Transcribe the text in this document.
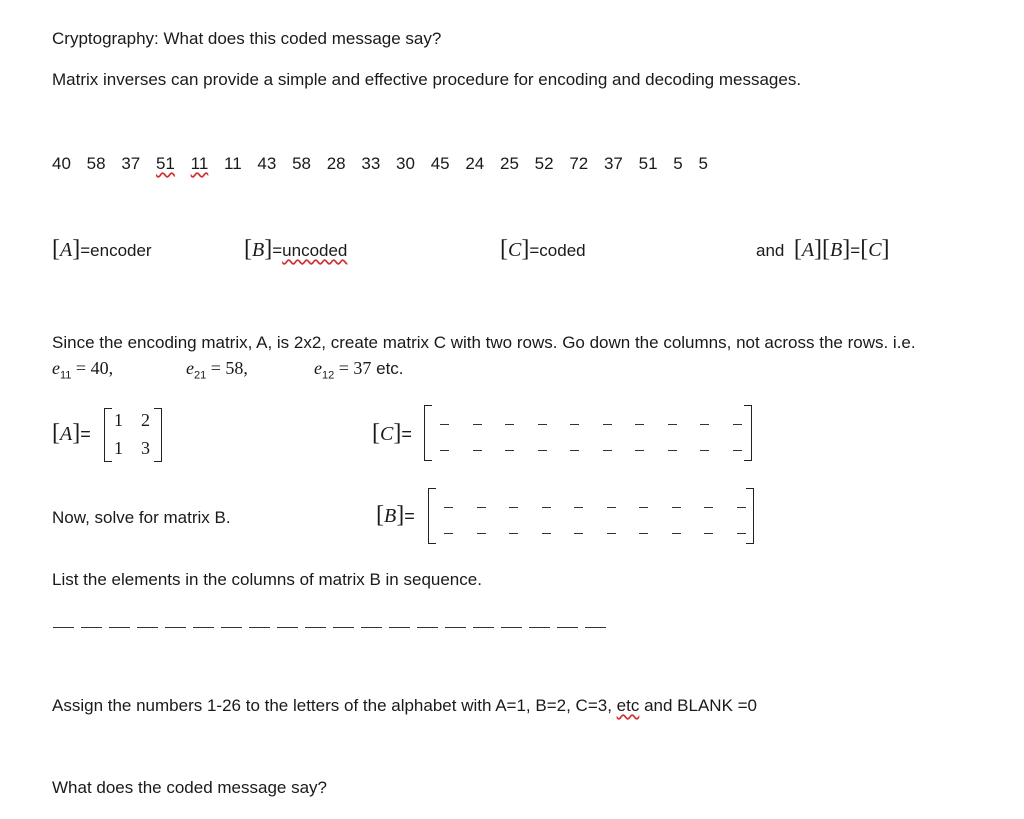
Cryptography: What does this coded message say?
Matrix inverses can provide a simple and effective procedure for encoding and decoding messages.
40 58 37 51 11 11 43 58 28 33 30 45 24 25 52 72 37 51 5 5
[A]=encoder	[B]=uncoded	[C]=coded	and [A][B]=[C]
Since the encoding matrix, A, is 2x2, create matrix C with two rows. Go down the columns, not across the rows. i.e.
$e_{11} = 40$,	$e_{21} = 58$,	$e_{12} = 37$ etc.
[A]=
1 2
1 3
[C]=
Now, solve for matrix B.	[B]=
List the elements in the columns of matrix B in sequence.
Assign the numbers 1-26 to the letters of the alphabet with A=1, B=2, C=3, etc and BLANK =0
What does the coded message say?
